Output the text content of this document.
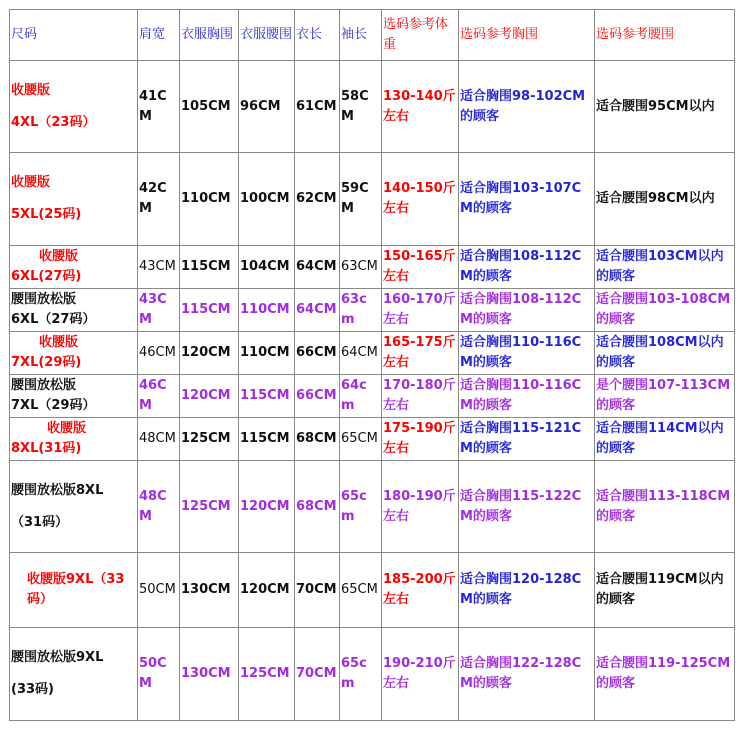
尺码	肩宽	衣服胸围	衣服腰围	衣长	袖长	选码参考体重	选码参考胸围	选码参考腰围

收腰版
4XL（23码）	41CM	105CM	96CM	61CM	58CM	130-140斤左右	适合胸围98-102CM的顾客	适合腰围95CM以内

收腰版
5XL(25码)	42CM	110CM	100CM	62CM	59CM	140-150斤左右	适合胸围103-107CM的顾客	适合腰围98CM以内

收腰版
6XL(27码)	43CM	115CM	104CM	64CM	63CM	150-165斤左右	适合胸围108-112CM的顾客	适合腰围103CM以内的顾客

腰围放松版
6XL（27码）	43CM	115CM	110CM	64CM	63cm	160-170斤左右	适合胸围108-112CM的顾客	适合腰围103-108CM的顾客

收腰版
7XL(29码)	46CM	120CM	110CM	66CM	64CM	165-175斤左右	适合胸围110-116CM的顾客	适合腰围108CM以内的顾客

腰围放松版
7XL（29码）	46CM	120CM	115CM	66CM	64cm	170-180斤左右	适合胸围110-116CM的顾客	是个腰围107-113CM的顾客

收腰版
8XL(31码)	48CM	125CM	115CM	68CM	65CM	175-190斤左右	适合胸围115-121CM的顾客	适合腰围114CM以内的顾客

腰围放松版8XL
（31码）	48CM	125CM	120CM	68CM	65cm	180-190斤左右	适合胸围115-122CM的顾客	适合腰围113-118CM的顾客

收腰版9XL（33码）	50CM	130CM	120CM	70CM	65CM	185-200斤左右	适合胸围120-128CM的顾客	适合腰围119CM以内的顾客

腰围放松版9XL
(33码)	50CM	130CM	125CM	70CM	65cm	190-210斤左右	适合胸围122-128CM的顾客	适合腰围119-125CM的顾客
